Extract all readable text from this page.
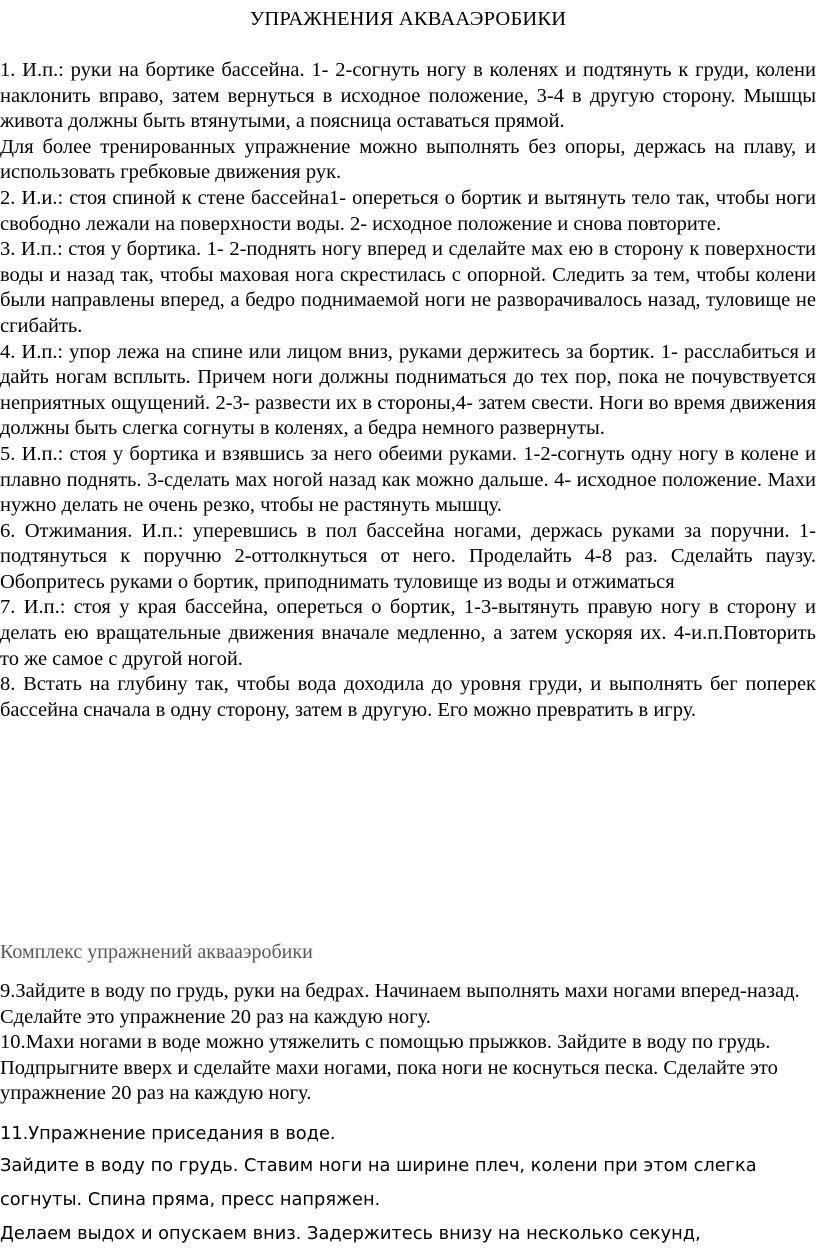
УПРАЖНЕНИЯ АКВААЭРОБИКИ

1. И.п.: руки на бортике бассейна. 1- 2-согнуть ногу в коленях и подтянуть к груди, колени наклонить вправо, затем вернуться в исходное положение, 3-4 в другую сторону. Мышцы живота должны быть втянутыми, а поясница оставаться прямой.

Для более тренированных упражнение можно выполнять без опоры, держась на плаву, и использовать гребковые движения рук.

2. И.и.: стоя спиной к стене бассейна1- опереться о бортик и вытянуть тело так, чтобы ноги свободно лежали на поверхности воды. 2- исходное положение и снова повторите.

3. И.п.: стоя у бортика. 1- 2-поднять ногу вперед и сделайте мах ею в сторону к поверхности воды и назад так, чтобы маховая нога скрестилась с опорной. Следить за тем, чтобы колени были направлены вперед, а бедро поднимаемой ноги не разворачивалось назад, туловище не сгибайть.

4. И.п.: упор лежа на спине или лицом вниз, руками держитесь за бортик. 1- расслабиться и дайть ногам всплыть. Причем ноги должны подниматься до тех пор, пока не почувствуется неприятных ощущений. 2-3- развести их в стороны,4- затем свести. Ноги во время движения должны быть слегка согнуты в коленях, а бедра немного развернуты.

5. И.п.: стоя у бортика и взявшись за него обеими руками. 1-2-согнуть одну ногу в колене и плавно поднять. 3-сделать мах ногой назад как можно дальше. 4- исходное положение. Махи нужно делать не очень резко, чтобы не растянуть мышцу.

6. Отжимания. И.п.: уперевшись в пол бассейна ногами, держась руками за поручни. 1-подтянуться к поручню 2-оттолкнуться от него. Проделайть 4-8 раз. Сделайть паузу. Обопритесь руками о бортик, приподнимать туловище из воды и отжиматься

7. И.п.: стоя у края бассейна, опереться о бортик, 1-3-вытянуть правую ногу в сторону и делать ею вращательные движения вначале медленно, а затем ускоряя их. 4-и.п.Повторить то же самое с другой ногой.

8. Встать на глубину так, чтобы вода доходила до уровня груди, и выполнять бег поперек бассейна сначала в одну сторону, затем в другую. Его можно превратить в игру.

Комплекс упражнений аквааэробики

9.Зайдите в воду по грудь, руки на бедрах. Начинаем выполнять махи ногами вперед-назад. Сделайте это упражнение 20 раз на каждую ногу.

10.Махи ногами в воде можно утяжелить с помощью прыжков. Зайдите в воду по грудь. Подпрыгните вверх и сделайте махи ногами, пока ноги не коснуться песка. Сделайте это упражнение 20 раз на каждую ногу.

11.Упражнение приседания в воде.

Зайдите в воду по грудь. Ставим ноги на ширине плеч, колени при этом слегка

согнуты. Спина пряма, пресс напряжен.

Делаем выдох и опускаем вниз. Задержитесь внизу на несколько секунд,
